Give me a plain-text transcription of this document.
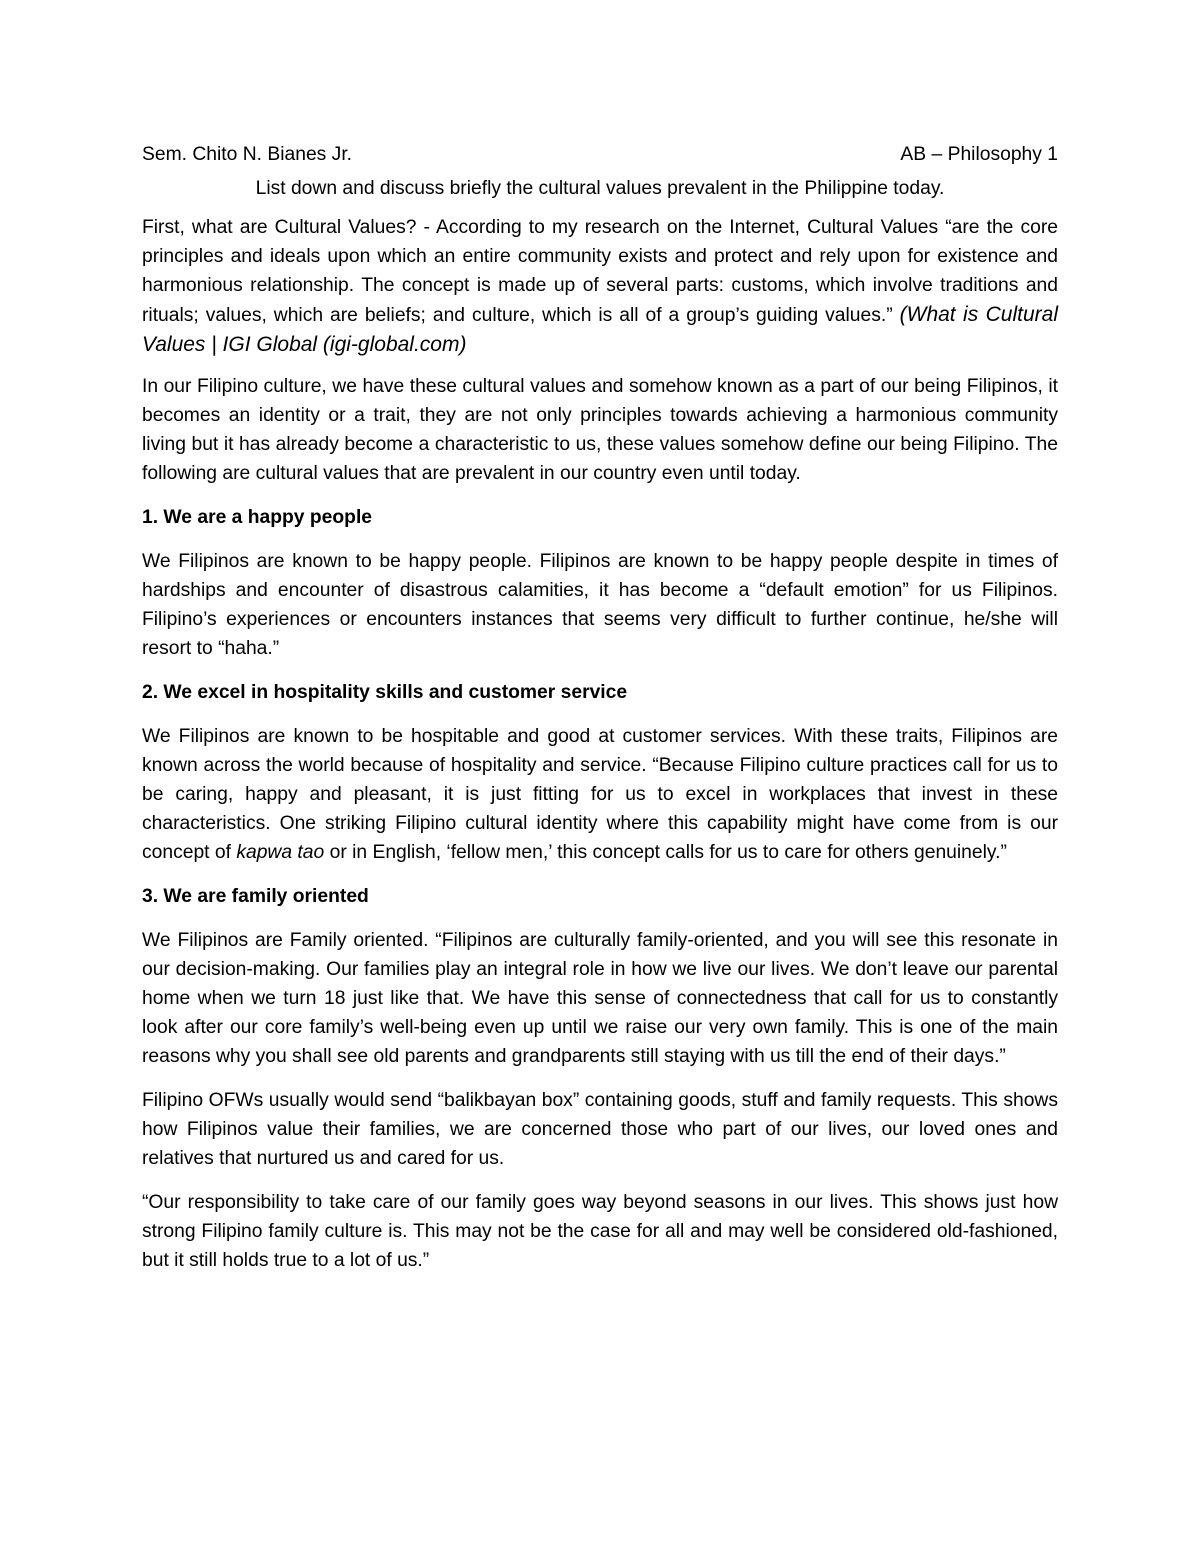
Sem. Chito N. Bianes Jr.	AB – Philosophy 1
List down and discuss briefly the cultural values prevalent in the Philippine today.

First, what are Cultural Values? - According to my research on the Internet, Cultural Values “are the core principles and ideals upon which an entire community exists and protect and rely upon for existence and harmonious relationship. The concept is made up of several parts: customs, which involve traditions and rituals; values, which are beliefs; and culture, which is all of a group’s guiding values.” (What is Cultural Values | IGI Global (igi-global.com)

In our Filipino culture, we have these cultural values and somehow known as a part of our being Filipinos, it becomes an identity or a trait, they are not only principles towards achieving a harmonious community living but it has already become a characteristic to us, these values somehow define our being Filipino. The following are cultural values that are prevalent in our country even until today.

1. We are a happy people

We Filipinos are known to be happy people. Filipinos are known to be happy people despite in times of hardships and encounter of disastrous calamities, it has become a “default emotion” for us Filipinos. Filipino’s experiences or encounters instances that seems very difficult to further continue, he/she will resort to “haha.”

2. We excel in hospitality skills and customer service

We Filipinos are known to be hospitable and good at customer services. With these traits, Filipinos are known across the world because of hospitality and service. “Because Filipino culture practices call for us to be caring, happy and pleasant, it is just fitting for us to excel in workplaces that invest in these characteristics. One striking Filipino cultural identity where this capability might have come from is our concept of kapwa tao or in English, ‘fellow men,’ this concept calls for us to care for others genuinely.”

3. We are family oriented

We Filipinos are Family oriented. “Filipinos are culturally family-oriented, and you will see this resonate in our decision-making. Our families play an integral role in how we live our lives. We don’t leave our parental home when we turn 18 just like that. We have this sense of connectedness that call for us to constantly look after our core family’s well-being even up until we raise our very own family. This is one of the main reasons why you shall see old parents and grandparents still staying with us till the end of their days.”

Filipino OFWs usually would send “balikbayan box” containing goods, stuff and family requests. This shows how Filipinos value their families, we are concerned those who part of our lives, our loved ones and relatives that nurtured us and cared for us.

“Our responsibility to take care of our family goes way beyond seasons in our lives. This shows just how strong Filipino family culture is. This may not be the case for all and may well be considered old-fashioned, but it still holds true to a lot of us.”
